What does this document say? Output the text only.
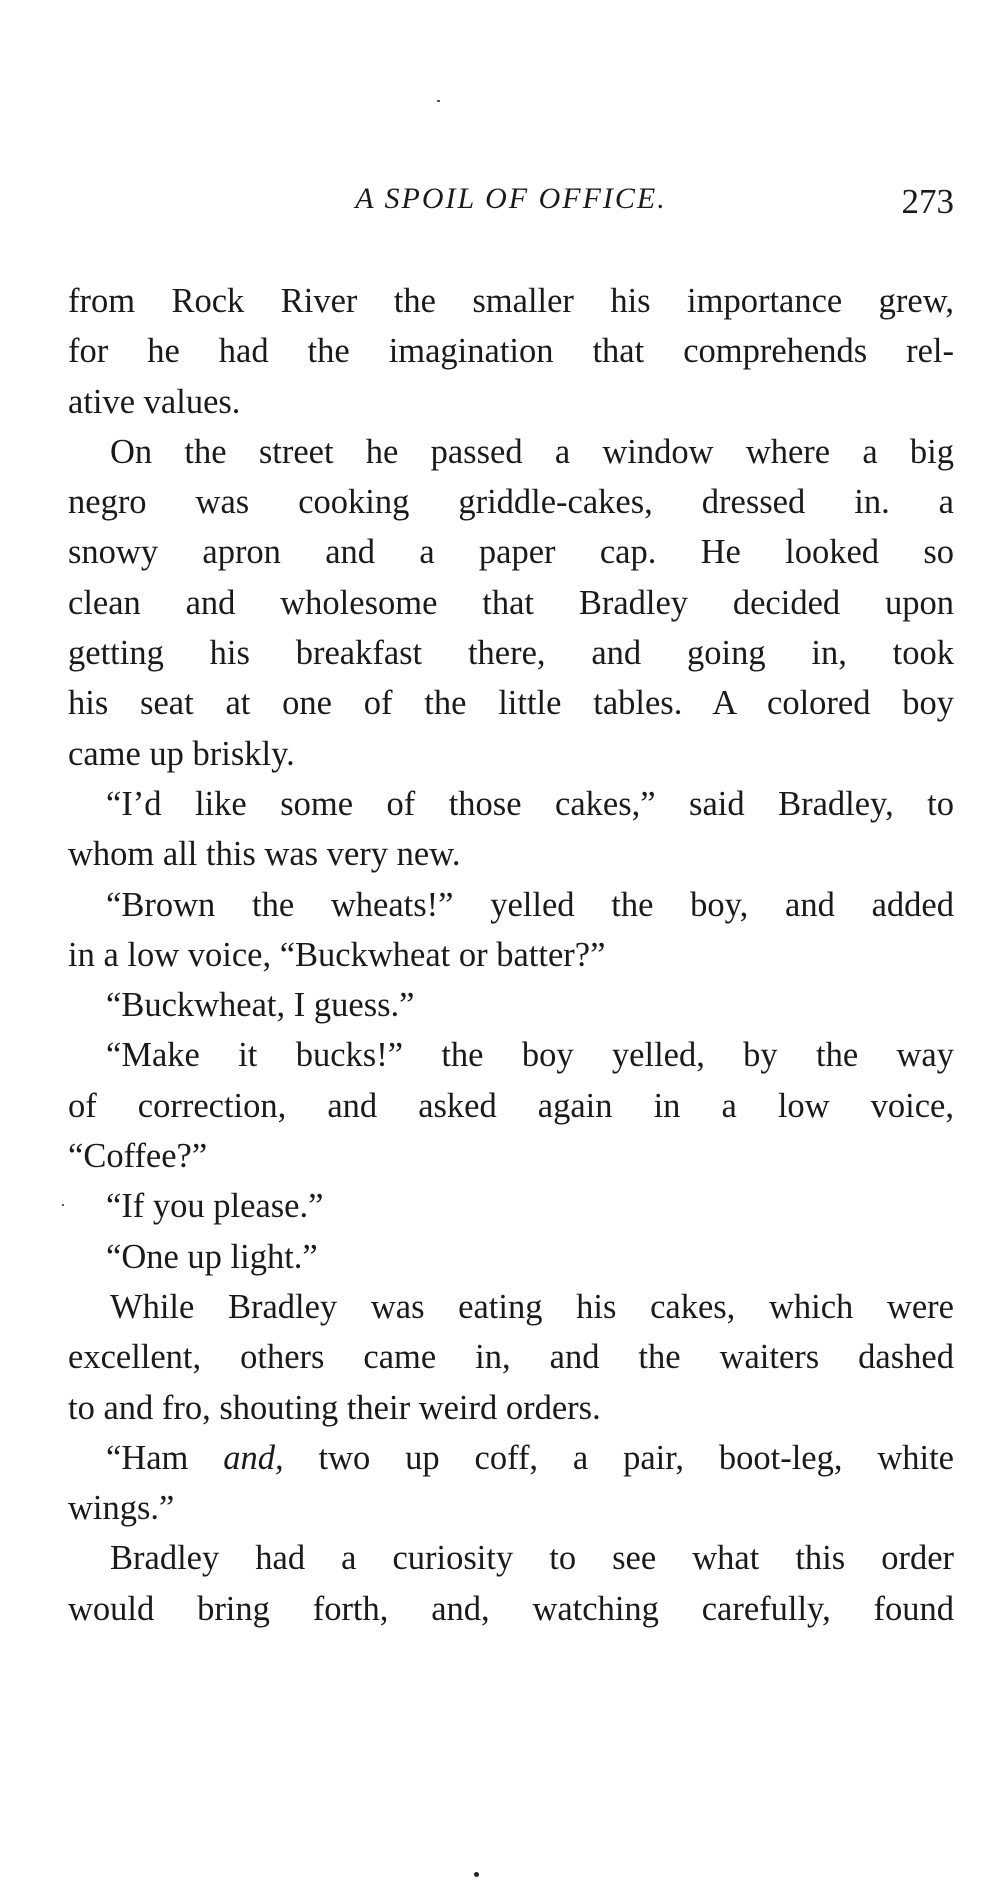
A SPOIL OF OFFICE.	273
from Rock River the smaller his importance grew,
for he had the imagination that comprehends rel-
ative values.
On the street he passed a window where a big
negro was cooking griddle-cakes, dressed in. a
snowy apron and a paper cap. He looked so
clean and wholesome that Bradley decided upon
getting his breakfast there, and going in, took
his seat at one of the little tables. A colored boy
came up briskly.
“I’d like some of those cakes,” said Bradley, to
whom all this was very new.
“Brown the wheats!” yelled the boy, and added
in a low voice, “Buckwheat or batter?”
“Buckwheat, I guess.”
“Make it bucks!” the boy yelled, by the way
of correction, and asked again in a low voice,
“Coffee?”
“If you please.”
“One up light.”
While Bradley was eating his cakes, which were
excellent, others came in, and the waiters dashed
to and fro, shouting their weird orders.
“Ham and, two up coff, a pair, boot-leg, white
wings.”
Bradley had a curiosity to see what this order
would bring forth, and, watching carefully, found
